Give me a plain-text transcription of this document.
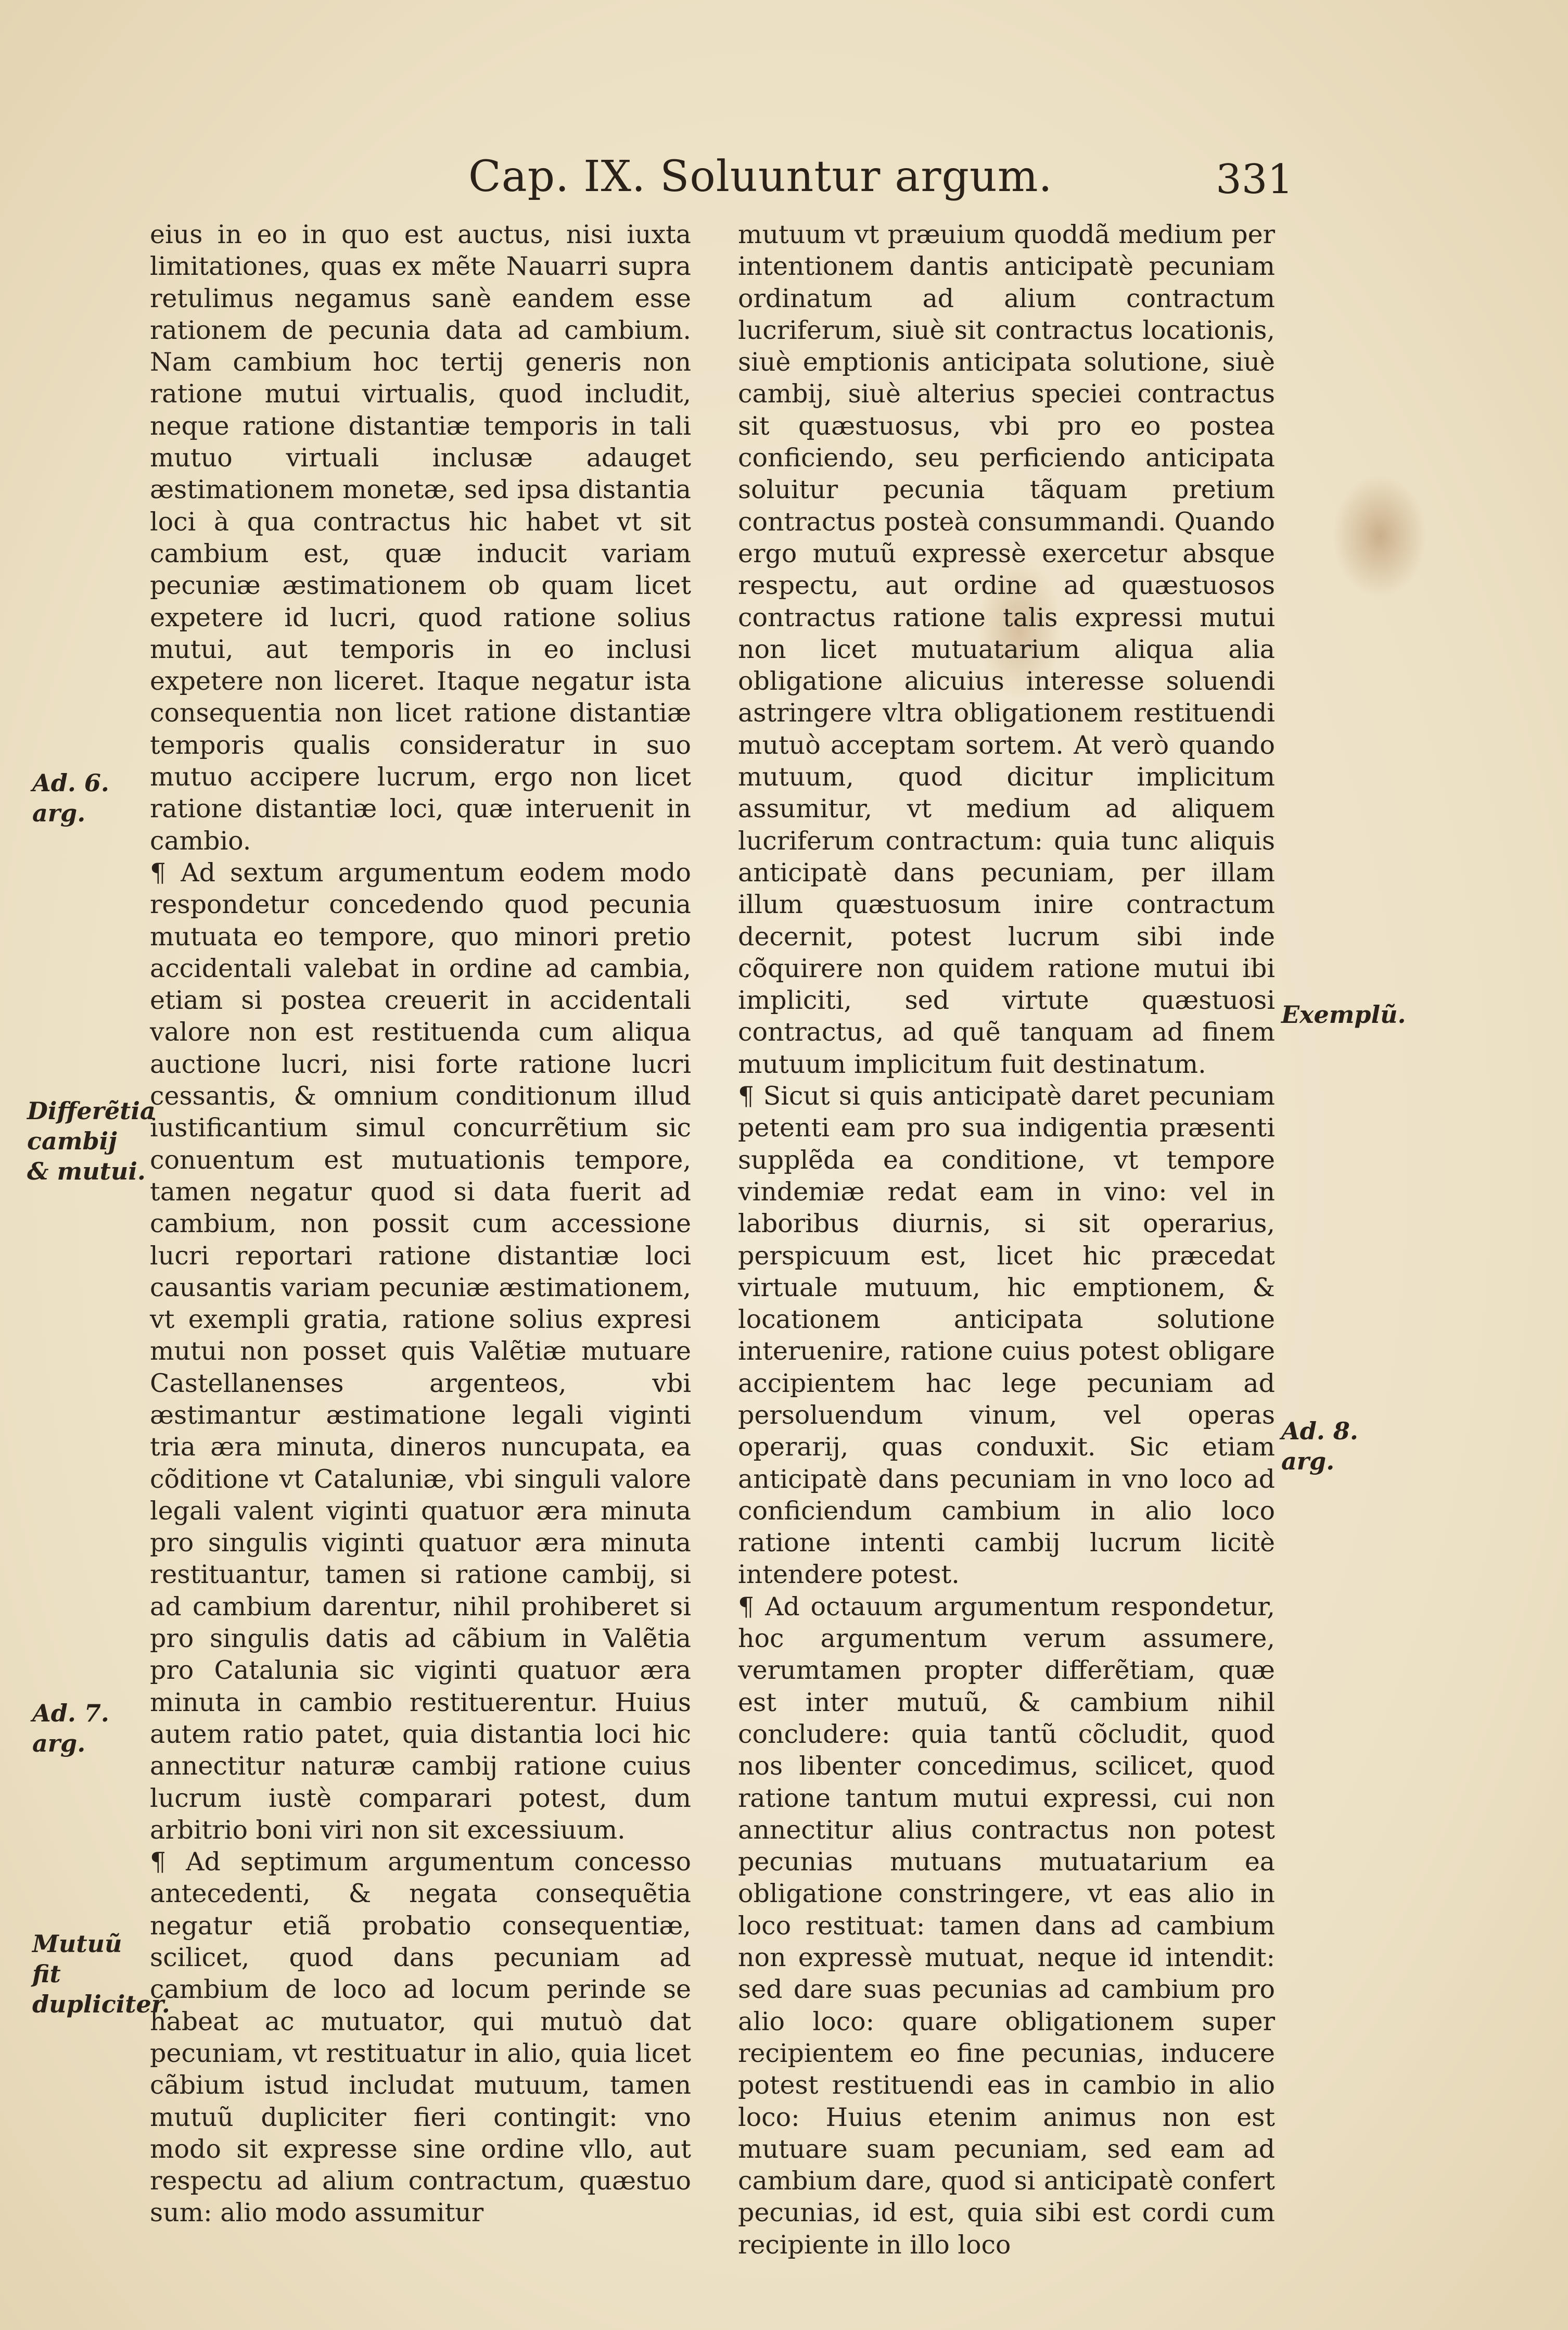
Cap. IX. Soluuntur argum.	331

eius in eo in quo est auctus, nisi iuxta limitationes, quas ex mẽte Nauarri supra retulimus negamus sanè eandem esse rationem de pecunia data ad cambium. Nam cambium hoc tertij generis non ratione mutui virtualis, quod includit, neque ratione distantiæ temporis in tali mutuo virtuali inclusæ adauget æstimationem monetæ, sed ipsa distantia loci à qua contractus hic habet vt sit cambium est, quæ inducit variam pecuniæ æstimationem ob quam licet expetere id lucri, quod ratione solius mutui, aut temporis in eo inclusi expetere non liceret. Itaque negatur ista consequentia non licet ratione distantiæ temporis qualis consideratur in suo mutuo accipere lucrum, ergo non licet ratione distantiæ loci, quæ interuenit in cambio.

¶ Ad sextum argumentum eodem modo respondetur concedendo quod pecunia mutuata eo tempore, quo minori pretio accidentali valebat in ordine ad cambia, etiam si postea creuerit in accidentali valore non est restituenda cum aliqua auctione lucri, nisi forte ratione lucri cessantis, & omnium conditionum illud iustificantium simul concurrẽtium sic conuentum est mutuationis tempore, tamen negatur quod si data fuerit ad cambium, non possit cum accessione lucri reportari ratione distantiæ loci causantis variam pecuniæ æstimationem, vt exempli gratia, ratione solius expresi mutui non posset quis Valẽtiæ mutuare Castellanenses argenteos, vbi æstimantur æstimatione legali viginti tria æra minuta, dineros nuncupata, ea cõditione vt Cataluniæ, vbi singuli valore legali valent viginti quatuor æra minuta pro singulis viginti quatuor æra minuta restituantur, tamen si ratione cambij, si ad cambium darentur, nihil prohiberet si pro singulis datis ad cãbium in Valẽtia pro Catalunia sic viginti quatuor æra minuta in cambio restituerentur. Huius autem ratio patet, quia distantia loci hic annectitur naturæ cambij ratione cuius lucrum iustè comparari potest, dum arbitrio boni viri non sit excessiuum.

¶ Ad septimum argumentum concesso antecedenti, & negata consequẽtia negatur etiã probatio consequentiæ, scilicet, quod dans pecuniam ad cambium de loco ad locum perinde se habeat ac mutuator, qui mutuò dat pecuniam, vt restituatur in alio, quia licet cãbium istud includat mutuum, tamen mutuũ dupliciter fieri contingit: vno modo sit expresse sine ordine vllo, aut respectu ad alium contractum, quæstuo sum: alio modo assumitur

mutuum vt præuium quoddã medium per intentionem dantis anticipatè pecuniam ordinatum ad alium contractum lucriferum, siuè sit contractus locationis, siuè emptionis anticipata solutione, siuè cambij, siuè alterius speciei contractus sit quæstuosus, vbi pro eo postea conficiendo, seu perficiendo anticipata soluitur pecunia tãquam pretium contractus posteà consummandi. Quando ergo mutuũ expressè exercetur absque respectu, aut ordine ad quæstuosos contractus ratione talis expressi mutui non licet mutuatarium aliqua alia obligatione alicuius interesse soluendi astringere vltra obligationem restituendi mutuò acceptam sortem. At verò quando mutuum, quod dicitur implicitum assumitur, vt medium ad aliquem lucriferum contractum: quia tunc aliquis anticipatè dans pecuniam, per illam illum quæstuosum inire contractum decernit, potest lucrum sibi inde cõquirere non quidem ratione mutui ibi impliciti, sed virtute quæstuosi contractus, ad quẽ tanquam ad finem mutuum implicitum fuit destinatum.

¶ Sicut si quis anticipatè daret pecuniam petenti eam pro sua indigentia præsenti supplẽda ea conditione, vt tempore vindemiæ redat eam in vino: vel in laboribus diurnis, si sit operarius, perspicuum est, licet hic præcedat virtuale mutuum, hic emptionem, & locationem anticipata solutione interuenire, ratione cuius potest obligare accipientem hac lege pecuniam ad persoluendum vinum, vel operas operarij, quas conduxit. Sic etiam anticipatè dans pecuniam in vno loco ad conficiendum cambium in alio loco ratione intenti cambij lucrum licitè intendere potest.

¶ Ad octauum argumentum respondetur, hoc argumentum verum assumere, verumtamen propter differẽtiam, quæ est inter mutuũ, & cambium nihil concludere: quia tantũ cõcludit, quod nos libenter concedimus, scilicet, quod ratione tantum mutui expressi, cui non annectitur alius contractus non potest pecunias mutuans mutuatarium ea obligatione constringere, vt eas alio in loco restituat: tamen dans ad cambium non expressè mutuat, neque id intendit: sed dare suas pecunias ad cambium pro alio loco: quare obligationem super recipientem eo fine pecunias, inducere potest restituendi eas in cambio in alio loco: Huius etenim animus non est mutuare suam pecuniam, sed eam ad cambium dare, quod si anticipatè confert pecunias, id est, quia sibi est cordi cum recipiente in illo loco

Ad. 6. arg.
Differẽtia cambij & mutui.
Ad. 7. arg.
Mutuũ fit dupliciter.
Exemplũ.
Ad. 8. arg.
